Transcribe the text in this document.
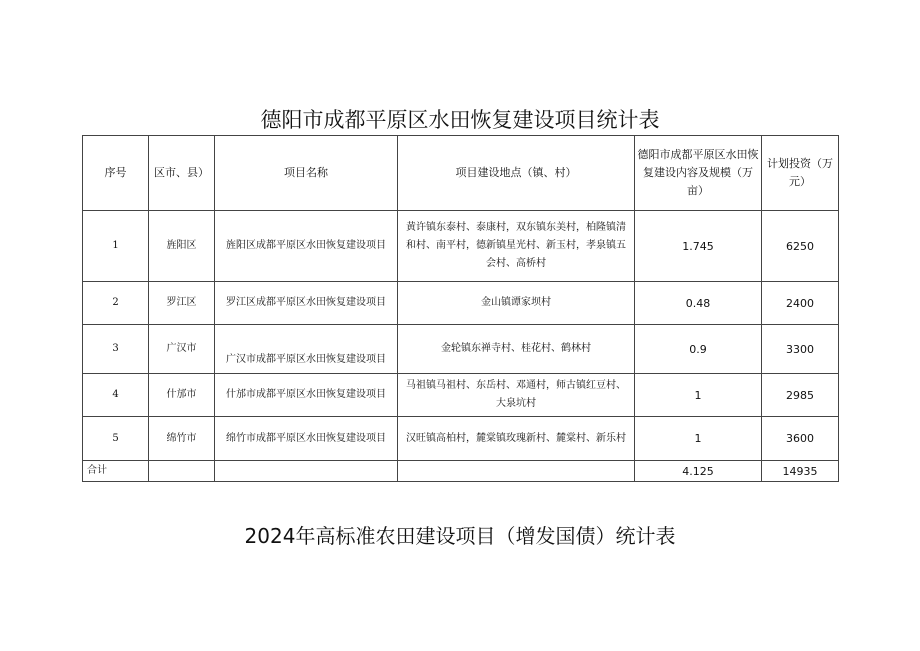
德阳市成都平原区水田恢复建设项目统计表
序号	区市、县）	项目名称	项目建设地点（镇、村）	德阳市成都平原区水田恢复建设内容及规模（万亩）	计划投资（万元）
1	旌阳区	旌阳区成都平原区水田恢复建设项目	黄许镇东泰村、泰康村，双东镇东美村，柏隆镇清和村、南平村，德新镇星光村、新玉村，孝泉镇五会村、高桥村	1.745	6250
2	罗江区	罗江区成都平原区水田恢复建设项目	金山镇谭家坝村	0.48	2400
3	广汉市	广汉市成都平原区水田恢复建设项目	金轮镇东禅寺村、桂花村、鹤林村	0.9	3300
4	什邡市	什邡市成都平原区水田恢复建设项目	马祖镇马祖村、东岳村、邓通村，师古镇红豆村、大泉坑村	1	2985
5	绵竹市	绵竹市成都平原区水田恢复建设项目	汉旺镇高柏村，麓棠镇玫瑰新村、麓棠村、新乐村	1	3600
合计				4.125	14935
2024年高标准农田建设项目（增发国债）统计表
